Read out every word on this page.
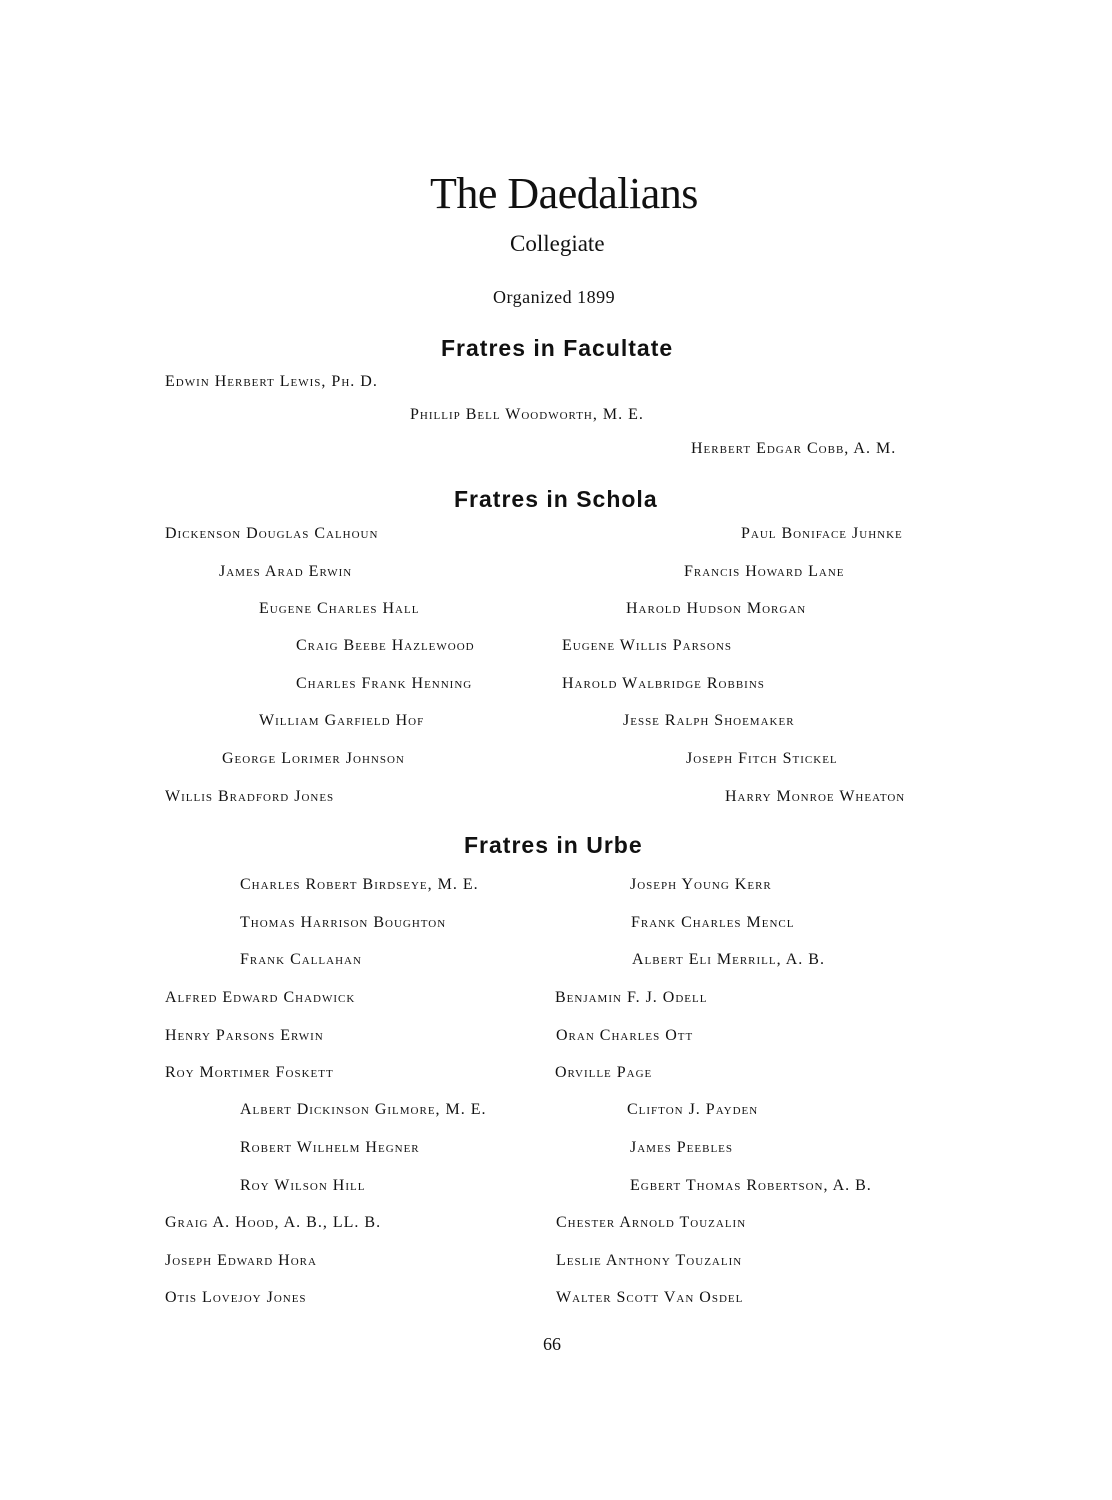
The Daedalians
Collegiate
Organized 1899
Fratres in Facultate
Edwin Herbert Lewis, Ph. D.
Phillip Bell Woodworth, M. E.
Herbert Edgar Cobb, A. M.
Fratres in Schola
Dickenson Douglas Calhoun
James Arad Erwin
Eugene Charles Hall
Craig Beebe Hazlewood
Charles Frank Henning
William Garfield Hof
George Lorimer Johnson
Willis Bradford Jones
Paul Boniface Juhnke
Francis Howard Lane
Harold Hudson Morgan
Eugene Willis Parsons
Harold Walbridge Robbins
Jesse Ralph Shoemaker
Joseph Fitch Stickel
Harry Monroe Wheaton
Fratres in Urbe
Charles Robert Birdseye, M. E.
Thomas Harrison Boughton
Frank Callahan
Alfred Edward Chadwick
Henry Parsons Erwin
Roy Mortimer Foskett
Albert Dickinson Gilmore, M. E.
Robert Wilhelm Hegner
Roy Wilson Hill
Graig A. Hood, A. B., LL. B.
Joseph Edward Hora
Otis Lovejoy Jones
Joseph Young Kerr
Frank Charles Mencl
Albert Eli Merrill, A. B.
Benjamin F. J. Odell
Oran Charles Ott
Orville Page
Clifton J. Payden
James Peebles
Egbert Thomas Robertson, A. B.
Chester Arnold Touzalin
Leslie Anthony Touzalin
Walter Scott Van Osdel
66
